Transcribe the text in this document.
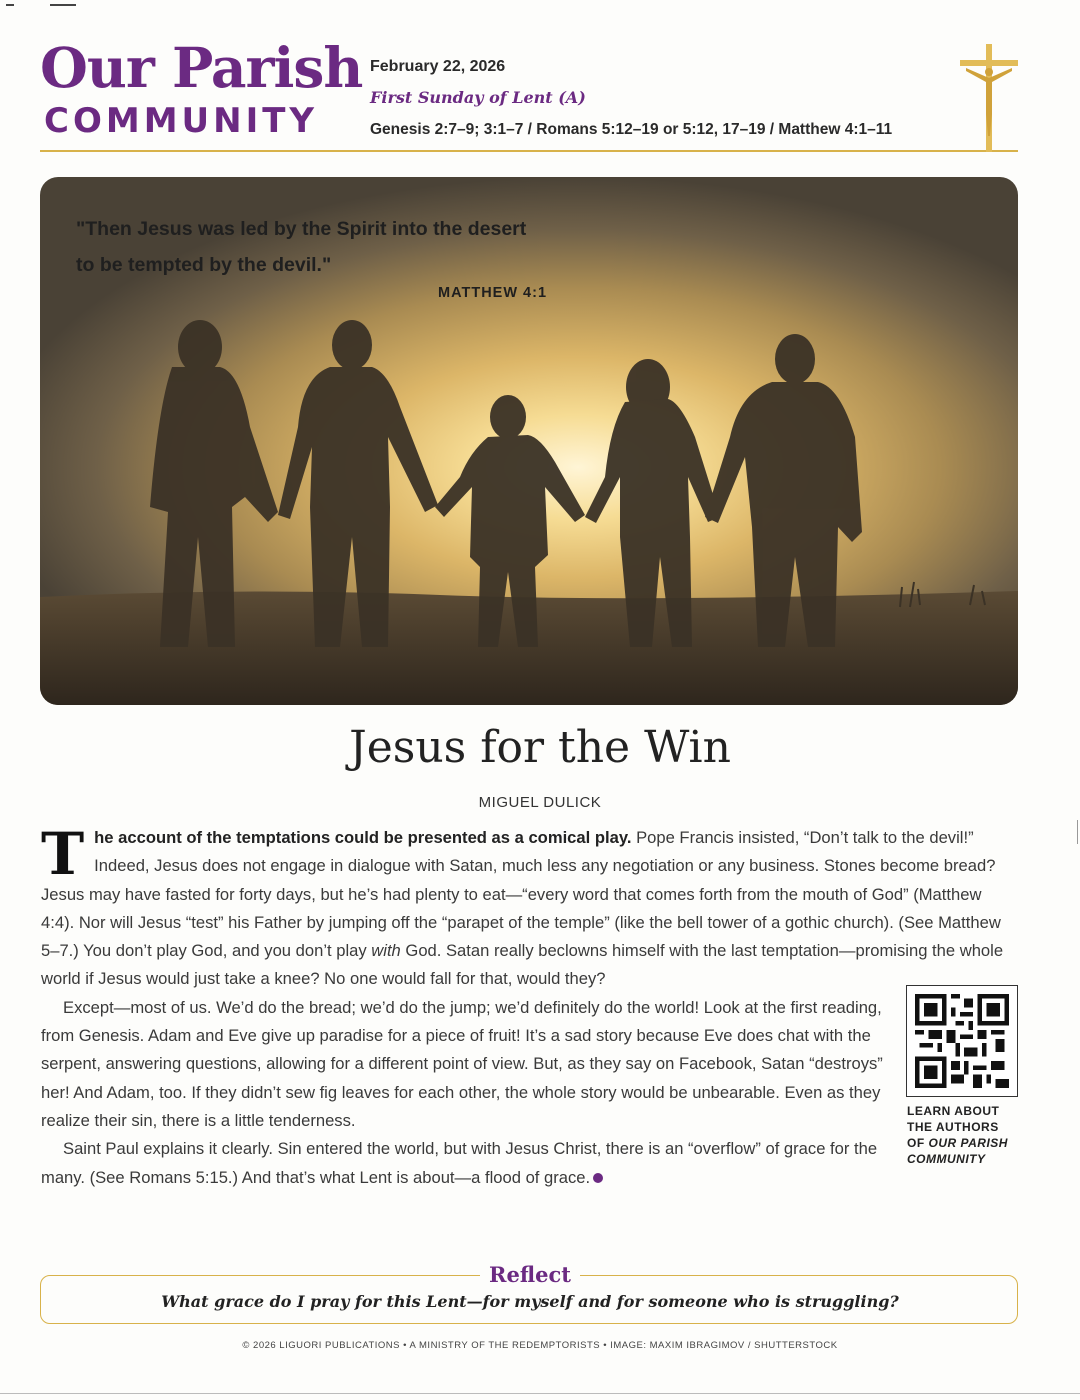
Our Parish
COMMUNITY
February 22, 2026
First Sunday of Lent (A)
Genesis 2:7–9; 3:1–7 / Romans 5:12–19 or 5:12, 17–19 / Matthew 4:1–11
"Then Jesus was led by the Spirit into the desert
to be tempted by the devil."
MATTHEW 4:1
Jesus for the Win
MIGUEL DULICK

The account of the temptations could be presented as a comical play. Pope Francis insisted, “Don’t talk to the devil!” Indeed, Jesus does not engage in dialogue with Satan, much less any negotiation or any business. Stones become bread? Jesus may have fasted for forty days, but he’s had plenty to eat—“every word that comes forth from the mouth of God” (Matthew 4:4). Nor will Jesus “test” his Father by jumping off the “parapet of the temple” (like the bell tower of a gothic church). (See Matthew 5–7.) You don’t play God, and you don’t play with God. Satan really beclowns himself with the last temptation—promising the whole world if Jesus would just take a knee? No one would fall for that, would they?

Except—most of us. We’d do the bread; we’d do the jump; we’d definitely do the world! Look at the first reading, from Genesis. Adam and Eve give up paradise for a piece of fruit! It’s a sad story because Eve does chat with the serpent, answering questions, allowing for a different point of view. But, as they say on Facebook, Satan “destroys” her! And Adam, too. If they didn’t sew fig leaves for each other, the whole story would be unbearable. Even as they realize their sin, there is a little tenderness.

Saint Paul explains it clearly. Sin entered the world, but with Jesus Christ, there is an “overflow” of grace for the many. (See Romans 5:15.) And that’s what Lent is about—a flood of grace.

LEARN ABOUT
THE AUTHORS
OF OUR PARISH
COMMUNITY
Reflect
What grace do I pray for this Lent—for myself and for someone who is struggling?
© 2026 LIGUORI PUBLICATIONS • A MINISTRY OF THE REDEMPTORISTS • IMAGE: MAXIM IBRAGIMOV / SHUTTERSTOCK
